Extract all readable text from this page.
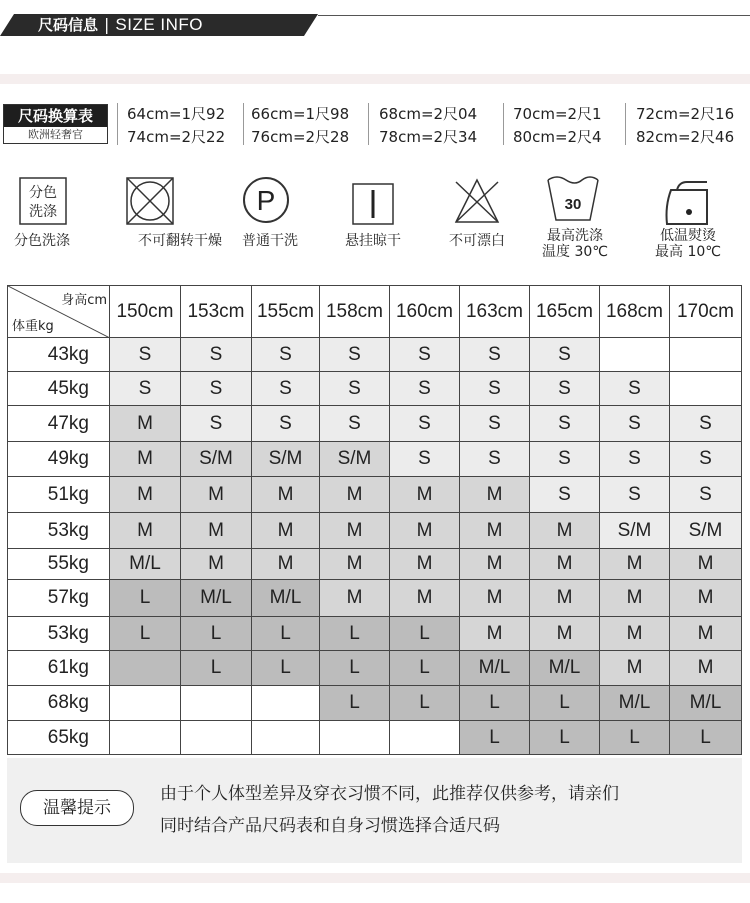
尺码信息 | SIZE INFO
尺码换算表
欧洲轻奢官
64cm=1尺92 66cm=1尺98 68cm=2尺04 70cm=2尺1 72cm=2尺16
74cm=2尺22 76cm=2尺28 78cm=2尺34 80cm=2尺4 82cm=2尺46
分色
洗涤
分色洗涤	不可翻转干燥
P
普通干洗	悬挂晾干	不可漂白
30
最高洗涤
温度 30℃
低温熨烫
最高 10℃
身高cm
体重kg	150cm	153cm	155cm	158cm	160cm	163cm	165cm	168cm	170cm
43kg	S	S	S	S	S	S	S		
45kg	S	S	S	S	S	S	S	S	
47kg	M	S	S	S	S	S	S	S	S
49kg	M	S/M	S/M	S/M	S	S	S	S	S
51kg	M	M	M	M	M	M	S	S	S
53kg	M	M	M	M	M	M	M	S/M	S/M
55kg	M/L	M	M	M	M	M	M	M	M
57kg	L	M/L	M/L	M	M	M	M	M	M
53kg	L	L	L	L	L	M	M	M	M
61kg		L	L	L	L	M/L	M/L	M	M
68kg				L	L	L	L	M/L	M/L
65kg						L	L	L	L
温馨提示
由于个人体型差异及穿衣习惯不同，此推荐仅供参考，请亲们
同时结合产品尺码表和自身习惯选择合适尺码
